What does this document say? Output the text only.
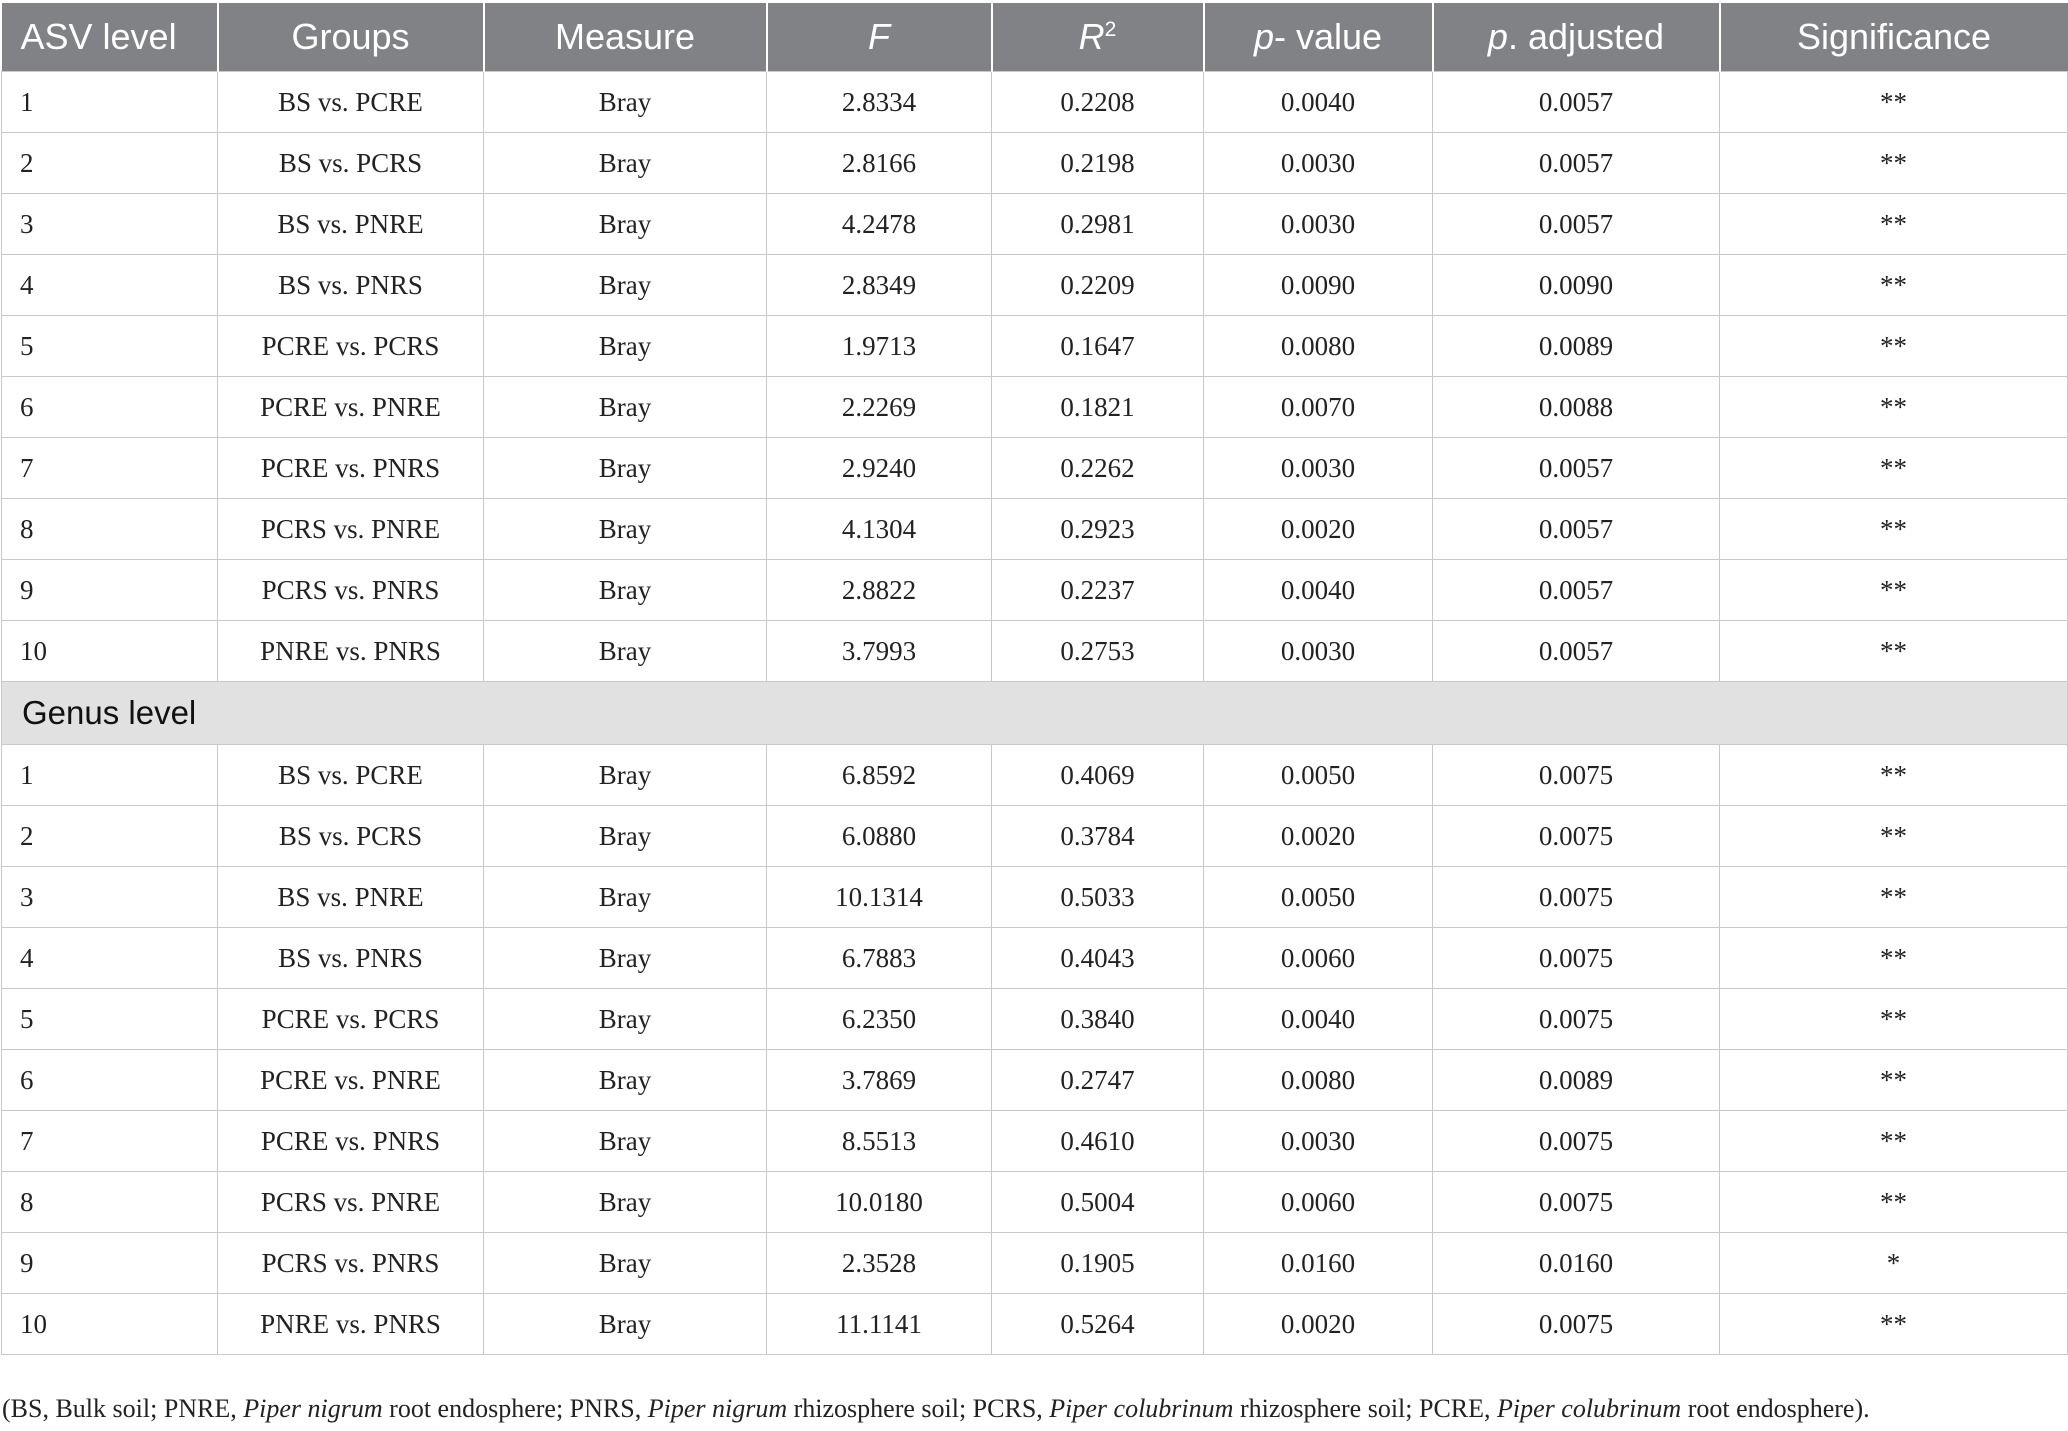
ASV level	Groups	Measure	F	$R^2$	p- value	p. adjusted	Significance
1	BS vs. PCRE	Bray	2.8334	0.2208	0.0040	0.0057	**
2	BS vs. PCRS	Bray	2.8166	0.2198	0.0030	0.0057	**
3	BS vs. PNRE	Bray	4.2478	0.2981	0.0030	0.0057	**
4	BS vs. PNRS	Bray	2.8349	0.2209	0.0090	0.0090	**
5	PCRE vs. PCRS	Bray	1.9713	0.1647	0.0080	0.0089	**
6	PCRE vs. PNRE	Bray	2.2269	0.1821	0.0070	0.0088	**
7	PCRE vs. PNRS	Bray	2.9240	0.2262	0.0030	0.0057	**
8	PCRS vs. PNRE	Bray	4.1304	0.2923	0.0020	0.0057	**
9	PCRS vs. PNRS	Bray	2.8822	0.2237	0.0040	0.0057	**
10	PNRE vs. PNRS	Bray	3.7993	0.2753	0.0030	0.0057	**
Genus level							
1	BS vs. PCRE	Bray	6.8592	0.4069	0.0050	0.0075	**
2	BS vs. PCRS	Bray	6.0880	0.3784	0.0020	0.0075	**
3	BS vs. PNRE	Bray	10.1314	0.5033	0.0050	0.0075	**
4	BS vs. PNRS	Bray	6.7883	0.4043	0.0060	0.0075	**
5	PCRE vs. PCRS	Bray	6.2350	0.3840	0.0040	0.0075	**
6	PCRE vs. PNRE	Bray	3.7869	0.2747	0.0080	0.0089	**
7	PCRE vs. PNRS	Bray	8.5513	0.4610	0.0030	0.0075	**
8	PCRS vs. PNRE	Bray	10.0180	0.5004	0.0060	0.0075	**
9	PCRS vs. PNRS	Bray	2.3528	0.1905	0.0160	0.0160	*
10	PNRE vs. PNRS	Bray	11.1141	0.5264	0.0020	0.0075	**
(BS, Bulk soil; PNRE, Piper nigrum root endosphere; PNRS, Piper nigrum rhizosphere soil; PCRS, Piper colubrinum rhizosphere soil; PCRE, Piper colubrinum root endosphere).
